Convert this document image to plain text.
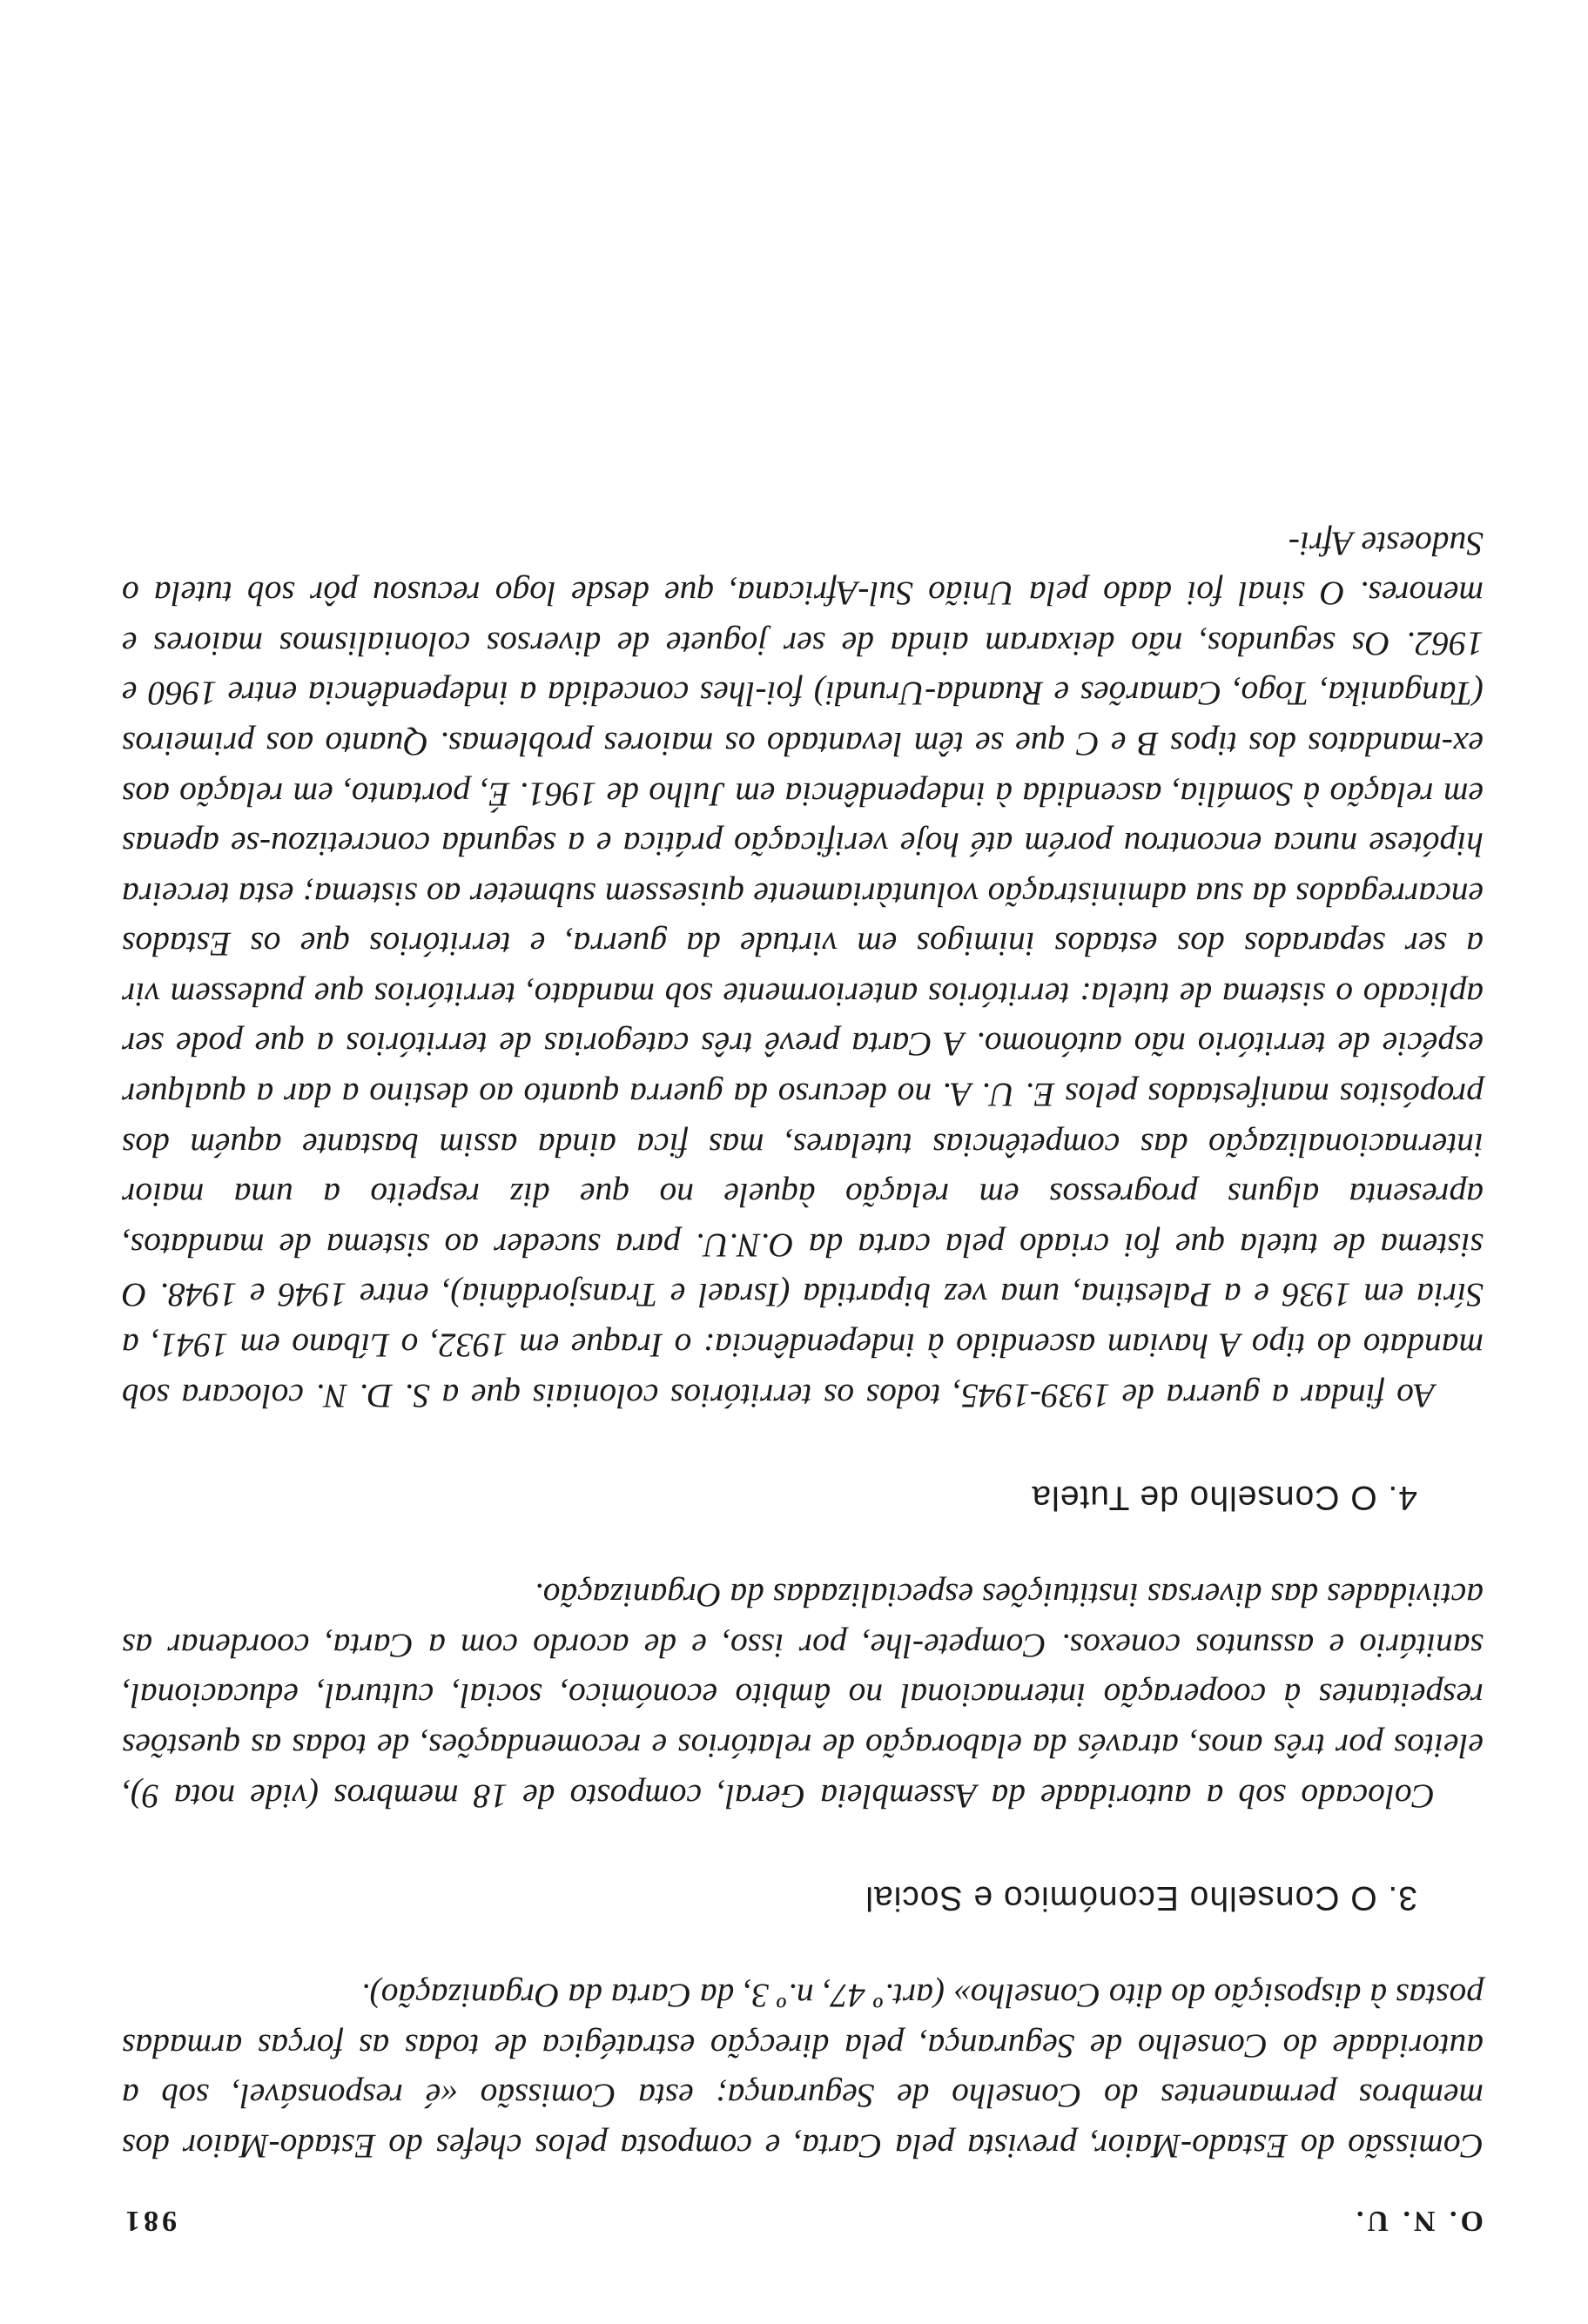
O. N. U.
981

Comissão do Estado-Maior, prevista pela Carta, e composta pelos chefes do Estado-Maior dos membros permanentes do Conselho de Segurança; esta Comissão «é responsável, sob a autoridade do Conselho de Segurança, pela direcção estratégica de todas as forças armadas postas à disposição do dito Conselho» (art.º 47, n.º 3, da Carta da Organização).

3. O Conselho Económico e Social

Colocado sob a autoridade da Assembleia Geral, composto de 18 membros (vide nota 9), eleitos por três anos, através da elaboração de relatórios e recomendações, de todas as questões respeitantes à cooperação internacional no âmbito económico, social, cultural, educacional, sanitário e assuntos conexos. Compete-lhe, por isso, e de acordo com a Carta, coordenar as actividades das diversas instituições especializadas da Organização.

4. O Conselho de Tutela

Ao findar a guerra de 1939-1945, todos os territórios coloniais que a S. D. N. colocara sob mandato do tipo A haviam ascendido à independência: o Iraque em 1932, o Líbano em 1941, a Síria em 1936 e a Palestina, uma vez bipartida (Israel e Transjordânia), entre 1946 e 1948. O sistema de tutela que foi criado pela carta da O.N.U. para suceder ao sistema de mandatos, apresenta alguns progressos em relação àquele no que diz respeito a uma maior internacionalização das competências tutelares, mas fica ainda assim bastante aquém dos propósitos manifestados pelos E. U. A. no decurso da guerra quanto ao destino a dar a qualquer espécie de território não autónomo. A Carta prevê três categorias de territórios a que pode ser aplicado o sistema de tutela: territórios anteriormente sob mandato, territórios que pudessem vir a ser separados dos estados inimigos em virtude da guerra, e territórios que os Estados encarregados da sua administração voluntàriamente quisessem submeter ao sistema; esta terceira hipótese nunca encontrou porém até hoje verificação prática e a segunda concretizou-se apenas em relação à Somália, ascendida à independência em Julho de 1961. É, portanto, em relação aos ex-mandatos dos tipos B e C que se têm levantado os maiores problemas. Quanto aos primeiros (Tanganika, Togo, Camarões e Ruanda-Urundi) foi-lhes concedida a independência entre 1960 e 1962. Os segundos, não deixaram ainda de ser joguete de diversos colonialismos maiores e menores. O sinal foi dado pela União Sul-Africana, que desde logo recusou pôr sob tutela o Sudoeste Afri-
